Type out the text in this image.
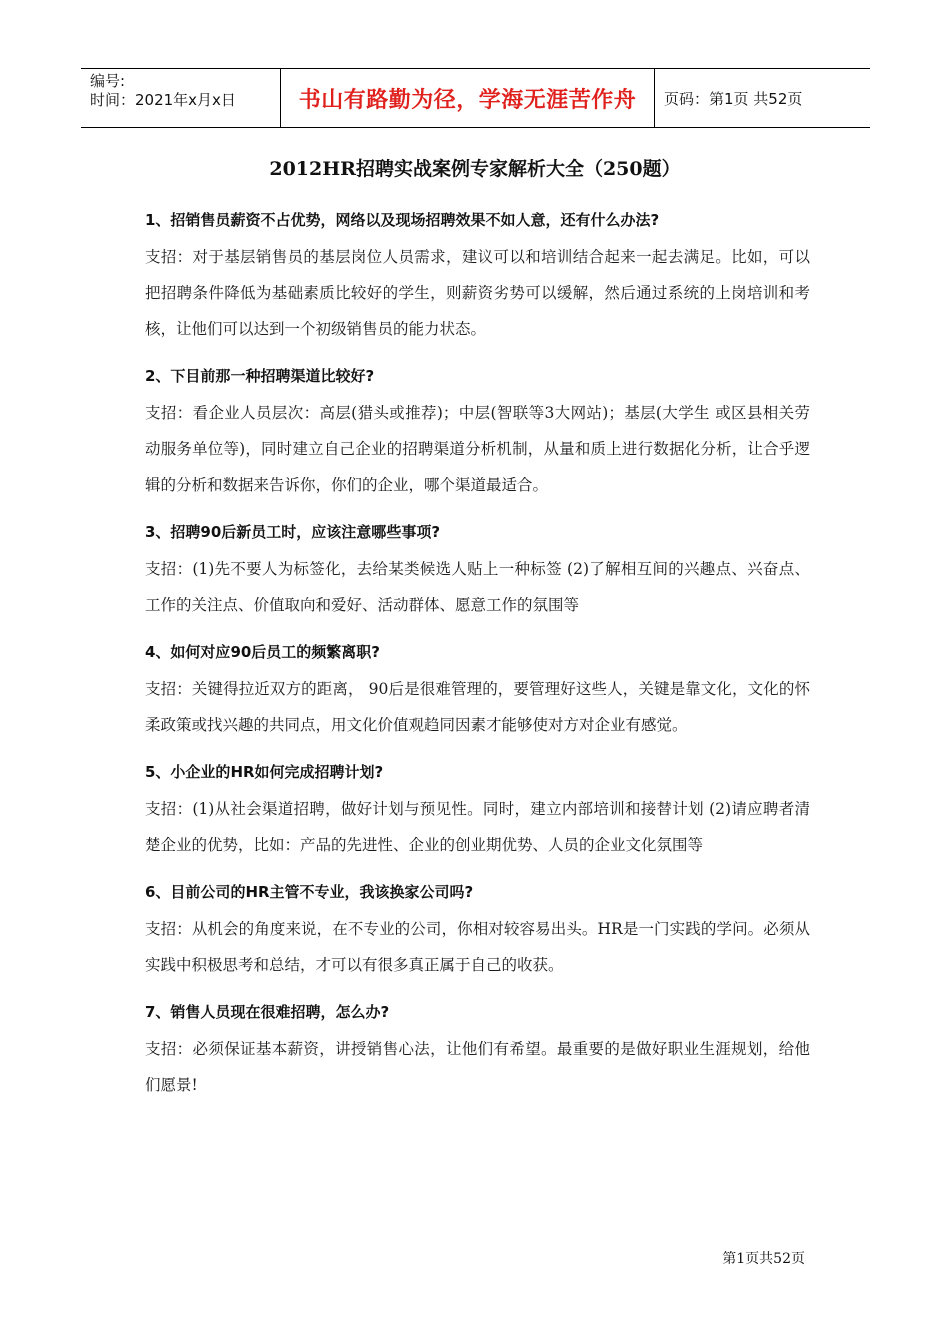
编号:
时间：2021年x月x日	书山有路勤为径，学海无涯苦作舟 页码：第1页 共52页
2012HR招聘实战案例专家解析大全（250题）

1、招销售员薪资不占优势，网络以及现场招聘效果不如人意，还有什么办法?

支招：对于基层销售员的基层岗位人员需求，建议可以和培训结合起来一起去满足。比如，可以把招聘条件降低为基础素质比较好的学生，则薪资劣势可以缓解，然后通过系统的上岗培训和考核，让他们可以达到一个初级销售员的能力状态。

2、下目前那一种招聘渠道比较好?

支招：看企业人员层次：高层(猎头或推荐)；中层(智联等3大网站)；基层(大学生 或区县相关劳动服务单位等)，同时建立自己企业的招聘渠道分析机制，从量和质上进行数据化分析，让合乎逻辑的分析和数据来告诉你，你们的企业，哪个渠道最适合。

3、招聘90后新员工时，应该注意哪些事项?

支招：(1)先不要人为标签化，去给某类候选人贴上一种标签 (2)了解相互间的兴趣点、兴奋点、工作的关注点、价值取向和爱好、活动群体、愿意工作的氛围等

4、如何对应90后员工的频繁离职?

支招：关键得拉近双方的距离， 90后是很难管理的，要管理好这些人，关键是靠文化，文化的怀柔政策或找兴趣的共同点，用文化价值观趋同因素才能够使对方对企业有感觉。

5、小企业的HR如何完成招聘计划?

支招：(1)从社会渠道招聘，做好计划与预见性。同时，建立内部培训和接替计划 (2)请应聘者清楚企业的优势，比如：产品的先进性、企业的创业期优势、人员的企业文化氛围等

6、目前公司的HR主管不专业，我该换家公司吗?

支招：从机会的角度来说，在不专业的公司，你相对较容易出头。HR是一门实践的学问。必须从实践中积极思考和总结，才可以有很多真正属于自己的收获。

7、销售人员现在很难招聘，怎么办?

支招：必须保证基本薪资，讲授销售心法，让他们有希望。最重要的是做好职业生涯规划，给他们愿景!

第1页共52页
